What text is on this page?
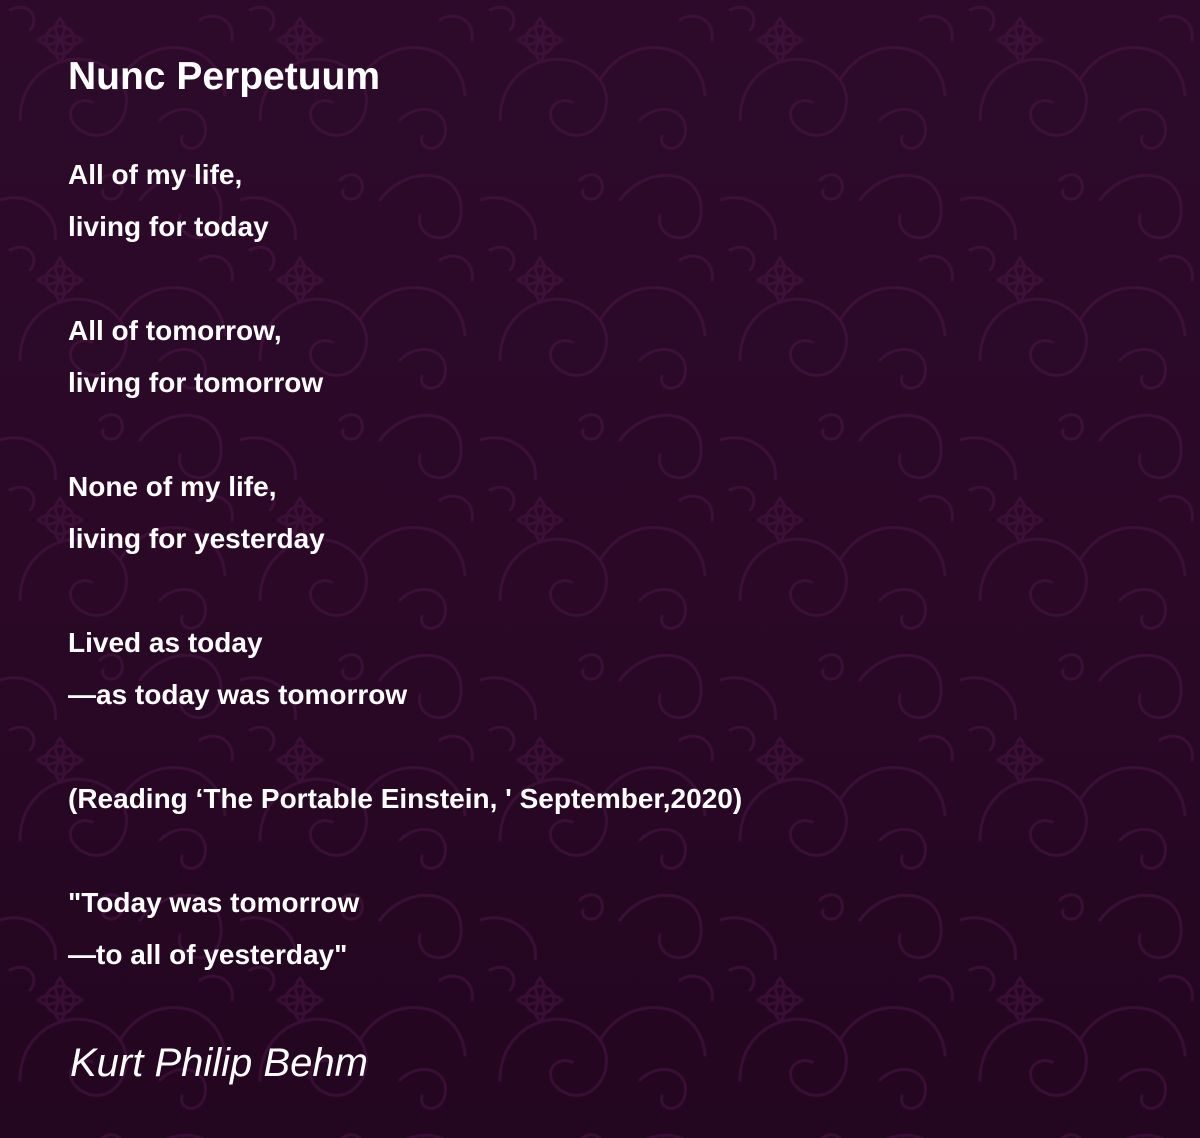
Nunc Perpetuum
All of my life,
living for today
All of tomorrow,
living for tomorrow
None of my life,
living for yesterday
Lived as today
—as today was tomorrow
(Reading ‘The Portable Einstein, ' September,2020)
"Today was tomorrow
—to all of yesterday"
Kurt Philip Behm
